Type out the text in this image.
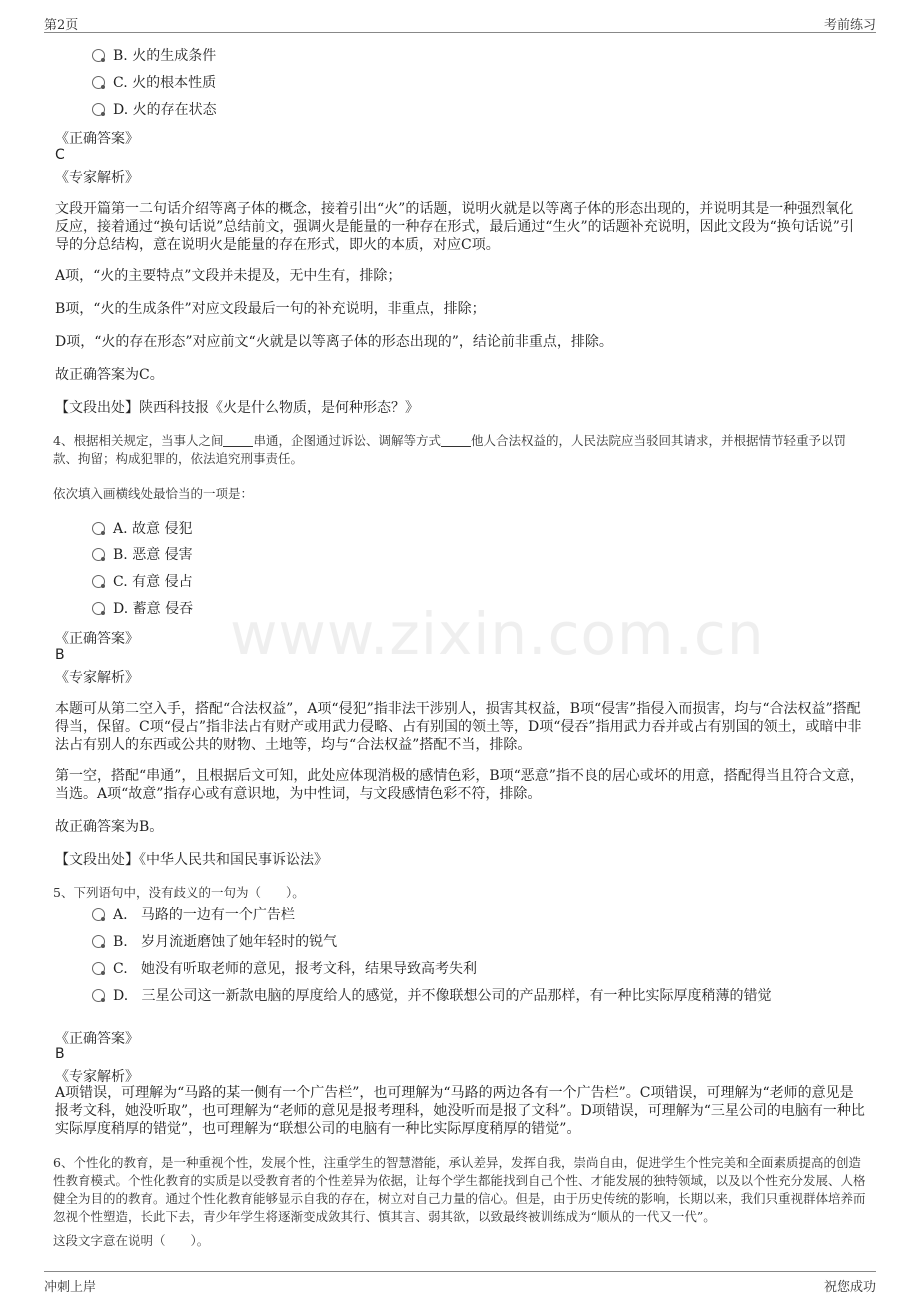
第2页	考前练习
www.zixin.com.cn
B. 火的生成条件
C. 火的根本性质
D. 火的存在状态
《正确答案》
C
《专家解析》
文段开篇第一二句话介绍等离子体的概念，接着引出“火”的话题，说明火就是以等离子体的形态出现的，并说明其是一种强烈氧化反应，接着通过“换句话说”总结前文，强调火是能量的一种存在形式，最后通过“生火”的话题补充说明，因此文段为“换句话说”引导的分总结构，意在说明火是能量的存在形式，即火的本质，对应C项。
A项，“火的主要特点”文段并未提及，无中生有，排除；
B项，“火的生成条件”对应文段最后一句的补充说明，非重点，排除；
D项，“火的存在形态”对应前文“火就是以等离子体的形态出现的”，结论前非重点，排除。
故正确答案为C。
【文段出处】陕西科技报《火是什么物质，是何种形态？》
4、根据相关规定，当事人之间 串通，企图通过诉讼、调解等方式 他人合法权益的，人民法院应当驳回其请求，并根据情节轻重予以罚款、拘留；构成犯罪的，依法追究刑事责任。
依次填入画横线处最恰当的一项是：
A. 故意 侵犯
B. 恶意 侵害
C. 有意 侵占
D. 蓄意 侵吞
《正确答案》
B
《专家解析》
本题可从第二空入手，搭配“合法权益”，A项“侵犯”指非法干涉别人，损害其权益，B项“侵害”指侵入而损害，均与“合法权益”搭配得当，保留。C项“侵占”指非法占有财产或用武力侵略、占有别国的领土等，D项“侵吞”指用武力吞并或占有别国的领土，或暗中非法占有别人的东西或公共的财物、土地等，均与“合法权益”搭配不当，排除。
第一空，搭配“串通”，且根据后文可知，此处应体现消极的感情色彩，B项“恶意”指不良的居心或坏的用意，搭配得当且符合文意，当选。A项“故意”指存心或有意识地，为中性词，与文段感情色彩不符，排除。
故正确答案为B。
【文段出处】《中华人民共和国民事诉讼法》
5、下列语句中，没有歧义的一句为（　　）。
A. 马路的一边有一个广告栏
B. 岁月流逝磨蚀了她年轻时的锐气
C. 她没有听取老师的意见，报考文科，结果导致高考失利
D. 三星公司这一新款电脑的厚度给人的感觉，并不像联想公司的产品那样，有一种比实际厚度稍薄的错觉
《正确答案》
B
《专家解析》
A项错误，可理解为“马路的某一侧有一个广告栏”，也可理解为“马路的两边各有一个广告栏”。C项错误，可理解为“老师的意见是报考文科，她没听取”，也可理解为“老师的意见是报考理科，她没听而是报了文科”。D项错误，可理解为“三星公司的电脑有一种比实际厚度稍厚的错觉”，也可理解为“联想公司的电脑有一种比实际厚度稍厚的错觉”。
6、个性化的教育，是一种重视个性，发展个性，注重学生的智慧潜能，承认差异，发挥自我，崇尚自由，促进学生个性完美和全面素质提高的创造性教育模式。个性化教育的实质是以受教育者的个性差异为依据，让每个学生都能找到自己个性、才能发展的独特领域，以及以个性充分发展、人格健全为目的的教育。通过个性化教育能够显示自我的存在，树立对自己力量的信心。但是，由于历史传统的影响，长期以来，我们只重视群体培养而忽视个性塑造，长此下去，青少年学生将逐渐变成敛其行、慎其言、弱其欲，以致最终被训练成为“顺从的一代又一代”。
这段文字意在说明（　　）。
冲刺上岸	祝您成功
